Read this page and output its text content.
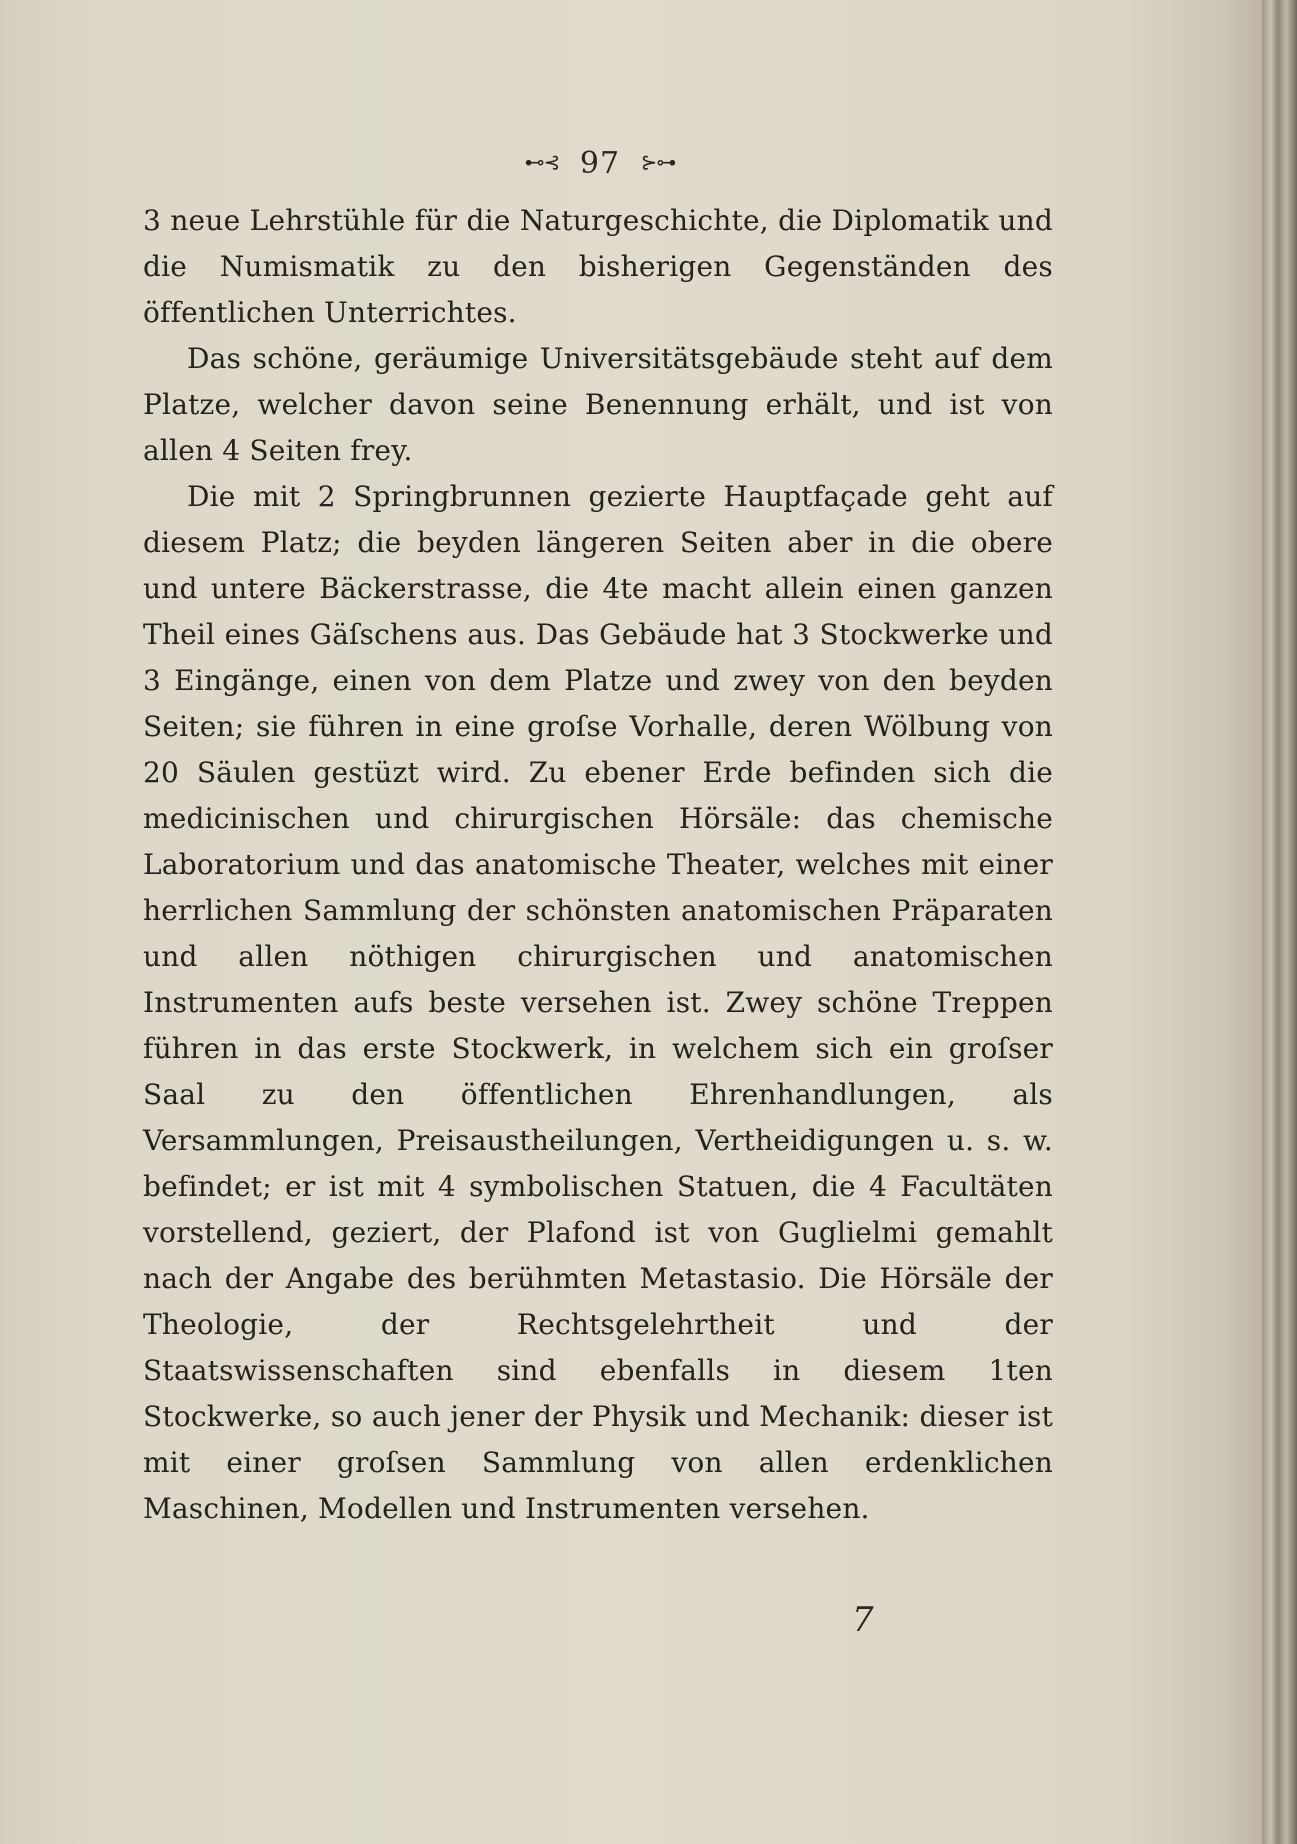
⊷⊰ 97 ⊱⊶

3 neue Lehrstühle für die Naturgeschichte, die Diplomatik und die Numismatik zu den bisherigen Gegenständen des öffentlichen Unterrichtes.

Das schöne, geräumige Universitätsgebäude steht auf dem Platze, welcher davon seine Benennung erhält, und ist von allen 4 Seiten frey.

Die mit 2 Springbrunnen gezierte Hauptfaçade geht auf diesem Platz; die beyden längeren Seiten aber in die obere und untere Bäckerstrasse, die 4te macht allein einen ganzen Theil eines Gäſschens aus. Das Gebäude hat 3 Stockwerke und 3 Eingänge, einen von dem Platze und zwey von den beyden Seiten; sie führen in eine groſse Vorhalle, deren Wölbung von 20 Säulen gestüzt wird. Zu ebener Erde befinden sich die medicinischen und chirurgischen Hörsäle: das chemische Laboratorium und das anatomische Theater, welches mit einer herrlichen Sammlung der schönsten anatomischen Präparaten und allen nöthigen chirurgischen und anatomischen Instrumenten aufs beste versehen ist. Zwey schöne Treppen führen in das erste Stockwerk, in welchem sich ein groſser Saal zu den öffentlichen Ehrenhandlungen, als Versammlungen, Preisaustheilungen, Vertheidigungen u. s. w. befindet; er ist mit 4 symbolischen Statuen, die 4 Facultäten vorstellend, geziert, der Plafond ist von Guglielmi gemahlt nach der Angabe des berühmten Metastasio. Die Hörsäle der Theologie, der Rechtsgelehrtheit und der Staatswissenschaften sind ebenfalls in diesem 1ten Stockwerke, so auch jener der Physik und Mechanik: dieser ist mit einer groſsen Sammlung von allen erdenklichen Maschinen, Modellen und Instrumenten versehen.

7
